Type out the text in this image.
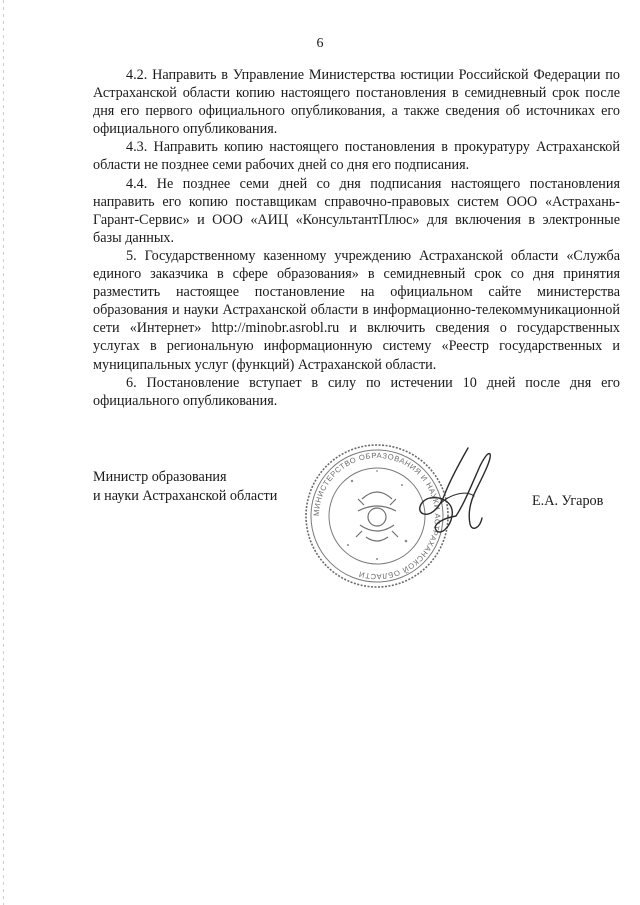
6

4.2. Направить в Управление Министерства юстиции Российской Федерации по Астраханской области копию настоящего постановления в семидневный срок после дня его первого официального опубликования, а также сведения об источниках его официального опубликования.

4.3. Направить копию настоящего постановления в прокуратуру Астраханской области не позднее семи рабочих дней со дня его подписания.

4.4. Не позднее семи дней со дня подписания настоящего постановления направить его копию поставщикам справочно-правовых систем ООО «Астрахань-Гарант-Сервис» и ООО «АИЦ «КонсультантПлюс» для включения в электронные базы данных.

5. Государственному казенному учреждению Астраханской области «Служба единого заказчика в сфере образования» в семидневный срок со дня принятия разместить настоящее постановление на официальном сайте министерства образования и науки Астраханской области в информационно-телекоммуникационной сети «Интернет» http://minobr.asrobl.ru и включить сведения о государственных услугах в региональную информационную систему «Реестр государственных и муниципальных услуг (функций) Астраханской области.

6. Постановление вступает в силу по истечении 10 дней после дня его официального опубликования.

Министр образования
и науки Астраханской области
МИНИСТЕРСТВО ОБРАЗОВАНИЯ И НАУКИ АСТРАХАНСКОЙ ОБЛАСТИ
Е.А. Угаров
